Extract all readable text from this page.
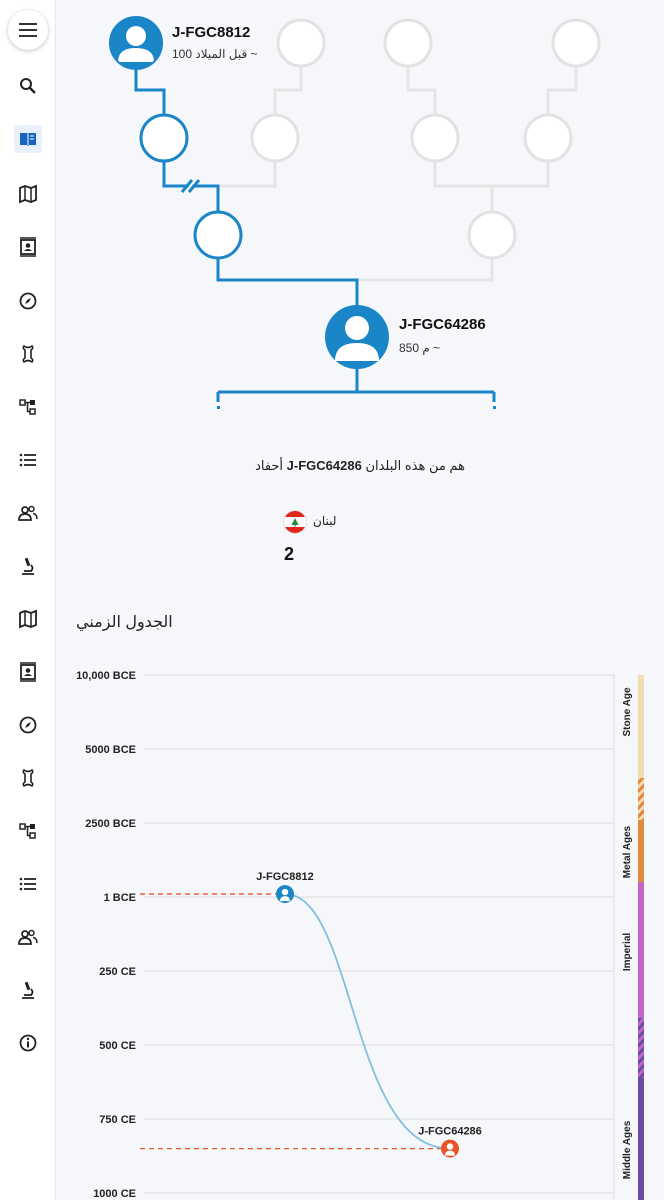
J-FGC8812
قبل الميلاد 100 ~
J-FGC64286
م 850 ~
هم من هذه البلدان J-FGC64286 أحفاد
لبنان
2
الجدول الزمني
10,000 BCE
5000 BCE
2500 BCE
1 BCE
250 CE
500 CE
750 CE
1000 CE
Stone Age
Metal Ages
Imperial
Middle Ages
J-FGC8812
J-FGC64286
